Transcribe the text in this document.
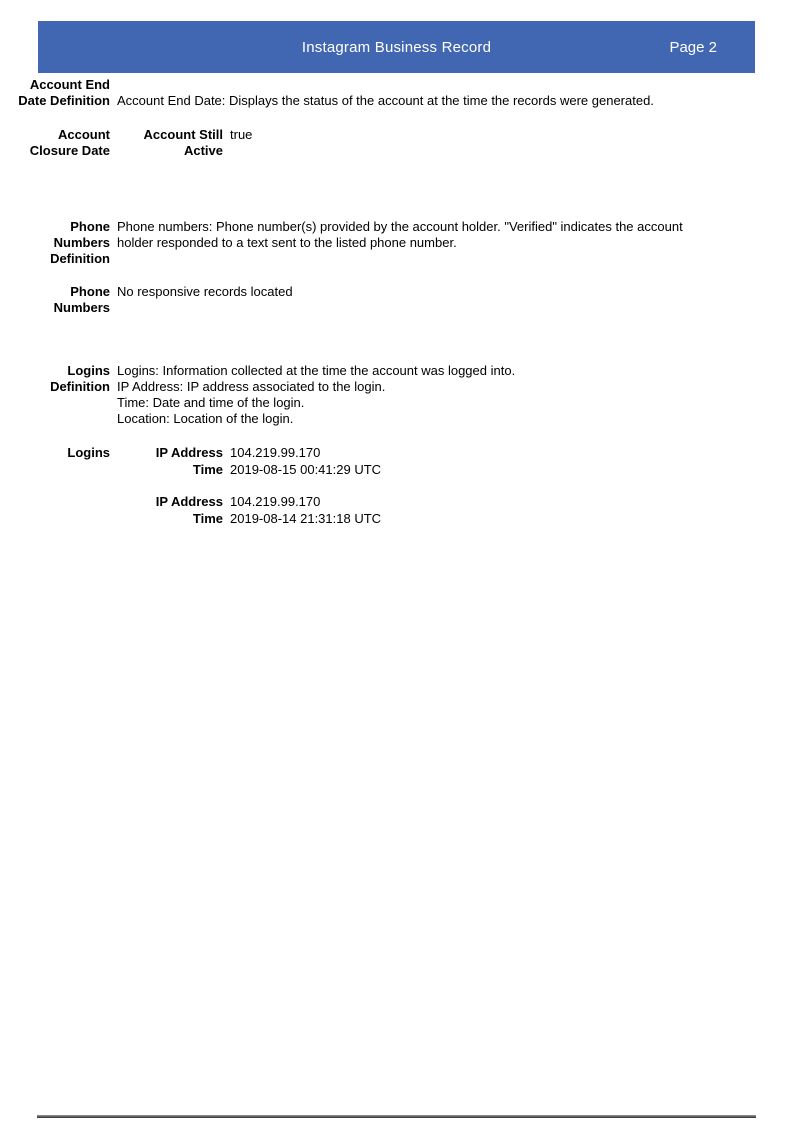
Instagram Business Record	Page 2
Account End
Date Definition Account End Date: Displays the status of the account at the time the records were generated.
Account
Closure Date
Account Still
Active
true
Phone
Numbers
Definition
Phone numbers: Phone number(s) provided by the account holder. "Verified" indicates the account
holder responded to a text sent to the listed phone number.
Phone
Numbers
No responsive records located
Logins
Definition
Logins: Information collected at the time the account was logged into.
IP Address: IP address associated to the login.
Time: Date and time of the login.
Location: Location of the login.
Logins	IP Address 104.219.99.170
Time 2019-08-15 00:41:29 UTC
IP Address 104.219.99.170
Time 2019-08-14 21:31:18 UTC
